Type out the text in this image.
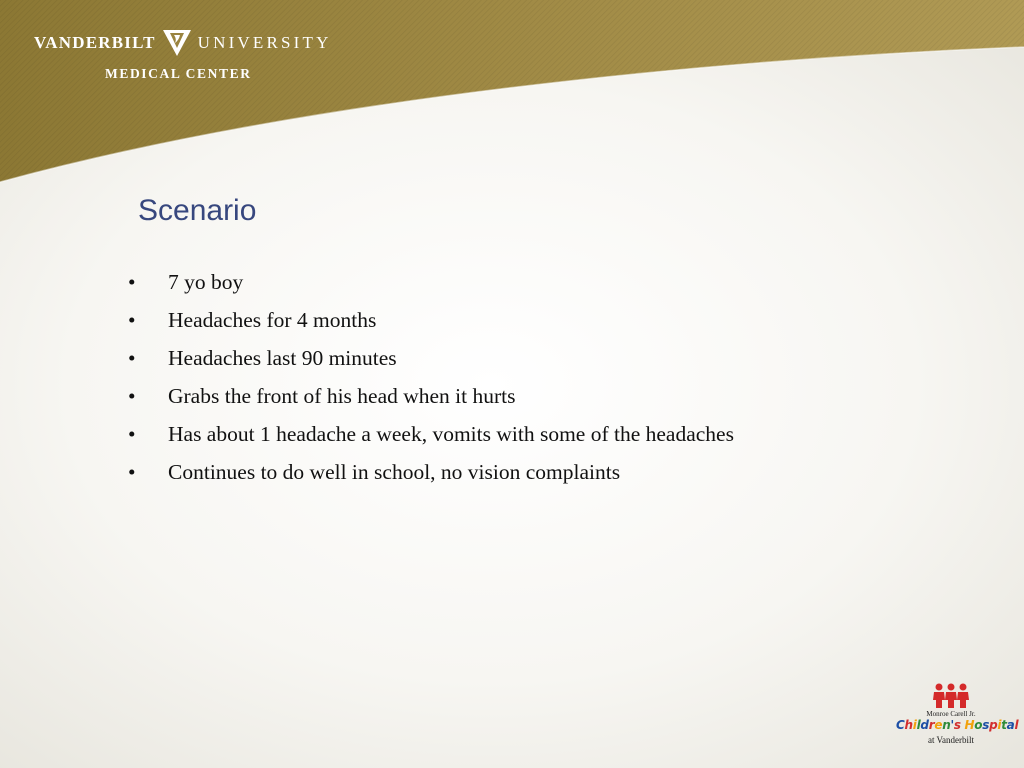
VANDERBILT UNIVERSITY
MEDICAL CENTER
Scenario
•	7 yo boy
•	Headaches for 4 months
•	Headaches last 90 minutes
•	Grabs the front of his head when it hurts
•	Has about 1 headache a week, vomits with some of the headaches
•	Continues to do well in school, no vision complaints
Monroe Carell Jr.
Children's Hospital
at Vanderbilt
